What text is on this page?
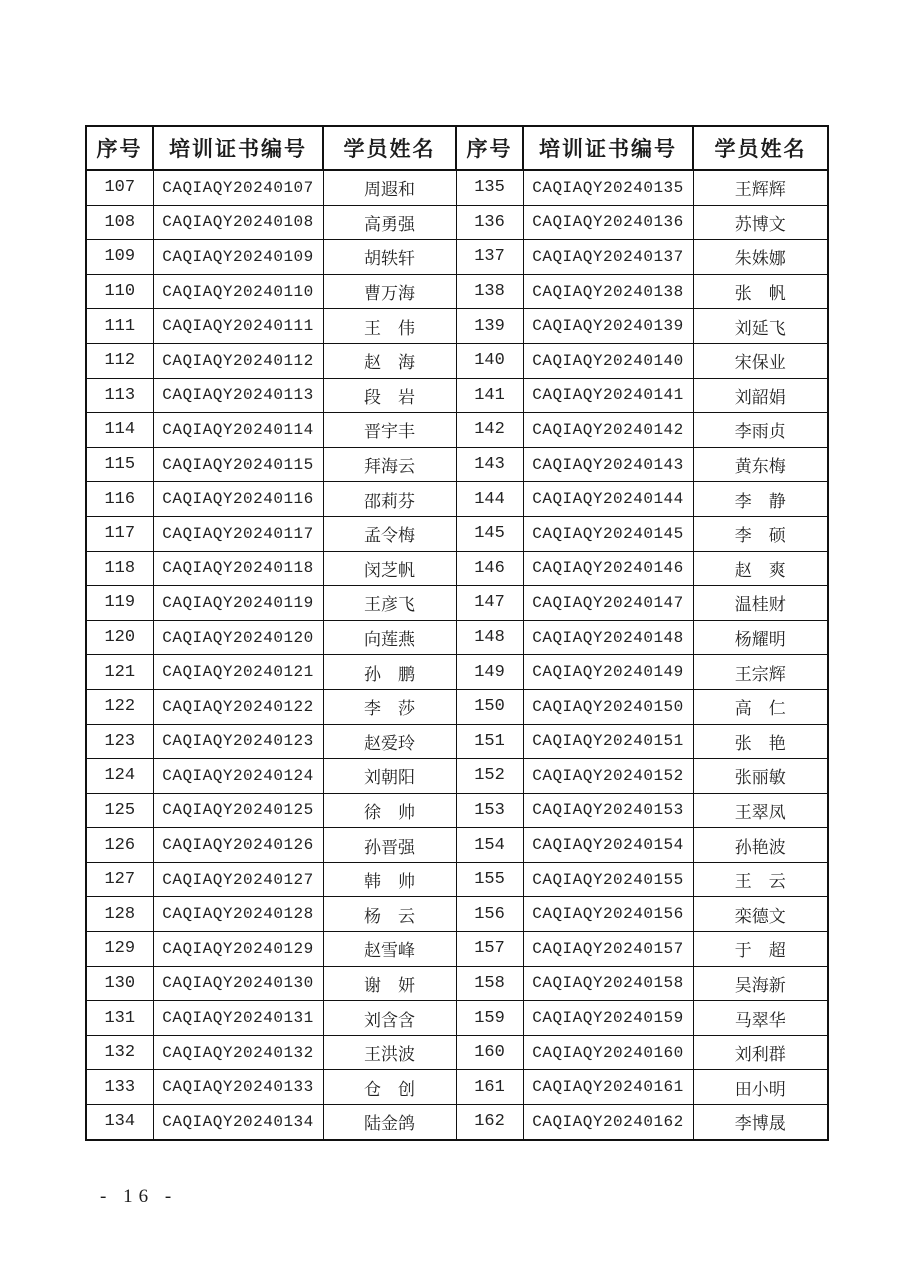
序号	培训证书编号	学员姓名	序号	培训证书编号	学员姓名
107	CAQIAQY20240107	周遐和	135	CAQIAQY20240135	王辉辉
108	CAQIAQY20240108	高勇强	136	CAQIAQY20240136	苏博文
109	CAQIAQY20240109	胡轶轩	137	CAQIAQY20240137	朱姝娜
110	CAQIAQY20240110	曹万海	138	CAQIAQY20240138	张　帆
111	CAQIAQY20240111	王　伟	139	CAQIAQY20240139	刘延飞
112	CAQIAQY20240112	赵　海	140	CAQIAQY20240140	宋保业
113	CAQIAQY20240113	段　岩	141	CAQIAQY20240141	刘韶娟
114	CAQIAQY20240114	晋宇丰	142	CAQIAQY20240142	李雨贞
115	CAQIAQY20240115	拜海云	143	CAQIAQY20240143	黄东梅
116	CAQIAQY20240116	邵莉芬	144	CAQIAQY20240144	李　静
117	CAQIAQY20240117	孟令梅	145	CAQIAQY20240145	李　硕
118	CAQIAQY20240118	闵芝帆	146	CAQIAQY20240146	赵　爽
119	CAQIAQY20240119	王彦飞	147	CAQIAQY20240147	温桂财
120	CAQIAQY20240120	向莲燕	148	CAQIAQY20240148	杨耀明
121	CAQIAQY20240121	孙　鹏	149	CAQIAQY20240149	王宗辉
122	CAQIAQY20240122	李　莎	150	CAQIAQY20240150	高　仁
123	CAQIAQY20240123	赵爱玲	151	CAQIAQY20240151	张　艳
124	CAQIAQY20240124	刘朝阳	152	CAQIAQY20240152	张丽敏
125	CAQIAQY20240125	徐　帅	153	CAQIAQY20240153	王翠凤
126	CAQIAQY20240126	孙晋强	154	CAQIAQY20240154	孙艳波
127	CAQIAQY20240127	韩　帅	155	CAQIAQY20240155	王　云
128	CAQIAQY20240128	杨　云	156	CAQIAQY20240156	栾德文
129	CAQIAQY20240129	赵雪峰	157	CAQIAQY20240157	于　超
130	CAQIAQY20240130	谢　妍	158	CAQIAQY20240158	吴海新
131	CAQIAQY20240131	刘含含	159	CAQIAQY20240159	马翠华
132	CAQIAQY20240132	王洪波	160	CAQIAQY20240160	刘利群
133	CAQIAQY20240133	仓　创	161	CAQIAQY20240161	田小明
134	CAQIAQY20240134	陆金鸽	162	CAQIAQY20240162	李博晟
- 16 -
